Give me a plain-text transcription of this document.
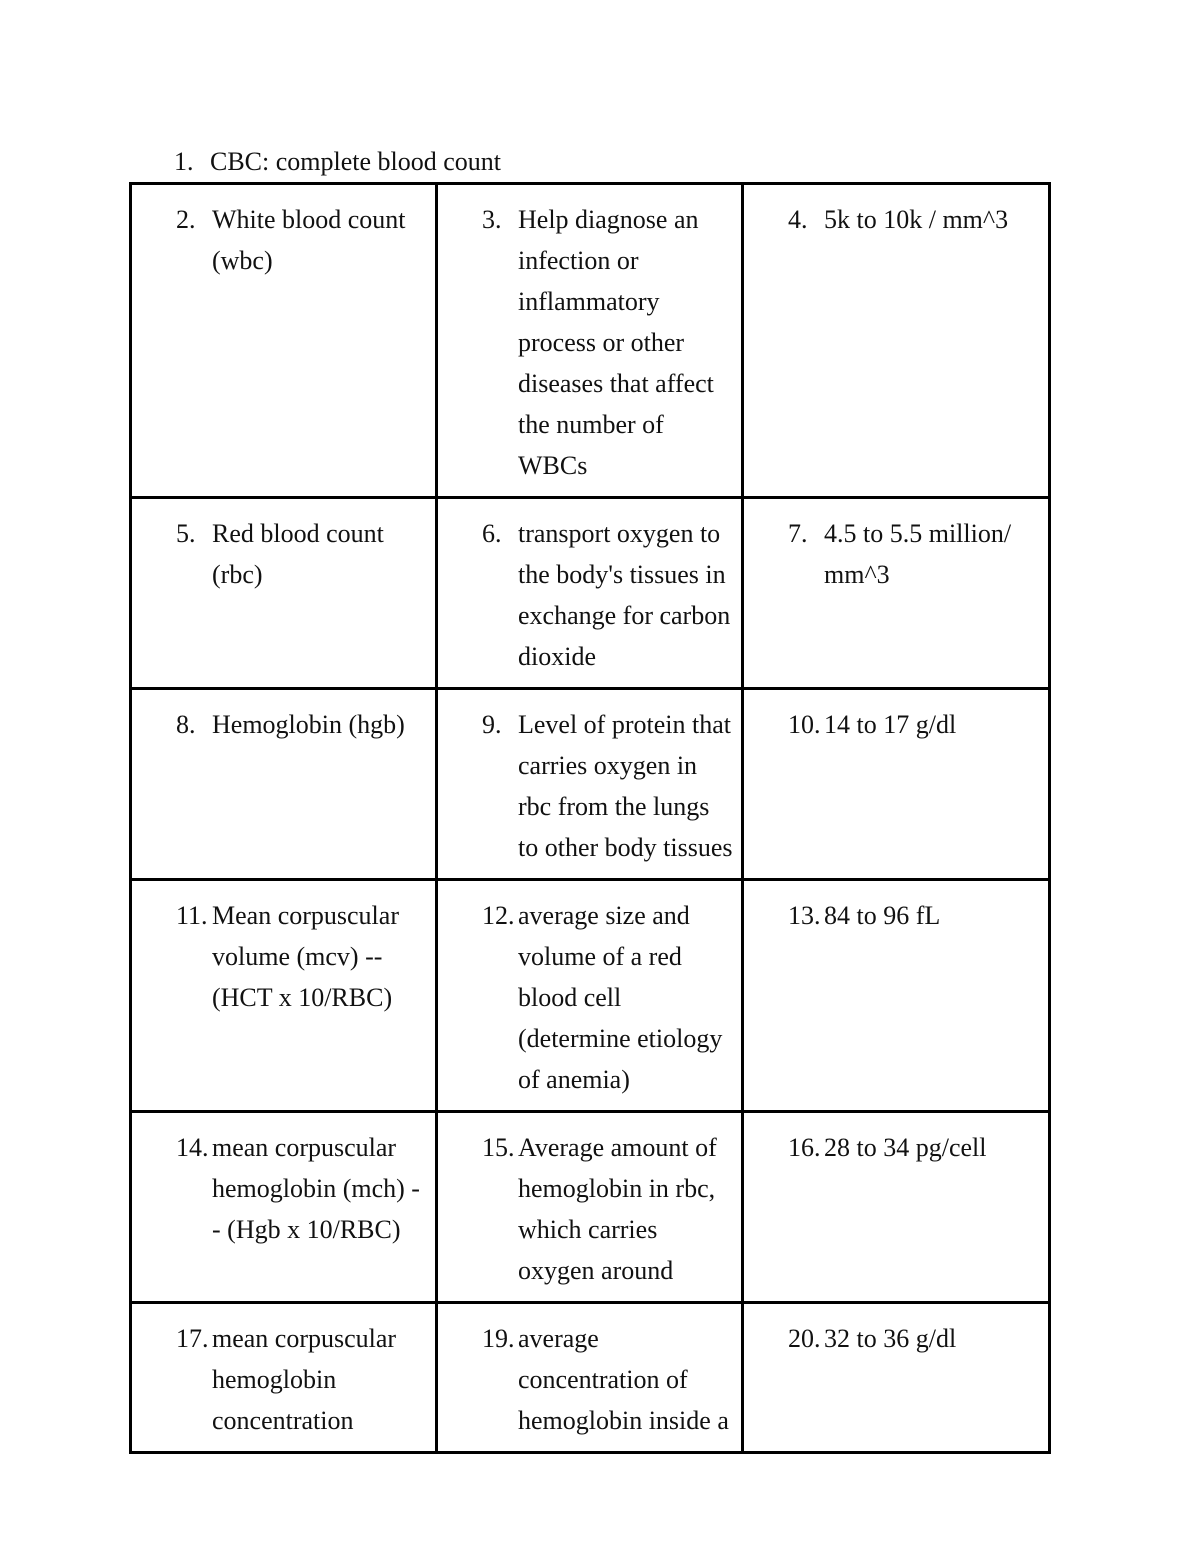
1. CBC: complete blood count
2. White blood count (wbc)	3. Help diagnose an infection or inflammatory process or other diseases that affect the number of WBCs	4. 5k to 10k / mm^3

5. Red blood count (rbc)	6. transport oxygen to the body's tissues in exchange for carbon dioxide	7. 4.5 to 5.5 million/ mm^3

8. Hemoglobin (hgb)	9. Level of protein that carries oxygen in rbc from the lungs to other body tissues	10. 14 to 17 g/dl

11. Mean corpuscular volume (mcv) -- (HCT x 10/RBC)	12. average size and volume of a red blood cell (determine etiology of anemia)	13. 84 to 96 fL

14. mean corpuscular hemoglobin (mch) -- (Hgb x 10/RBC)	15. Average amount of hemoglobin in rbc, which carries oxygen around	16. 28 to 34 pg/cell

17. mean corpuscular hemoglobin concentration	19. average concentration of hemoglobin inside a	20. 32 to 36 g/dl
